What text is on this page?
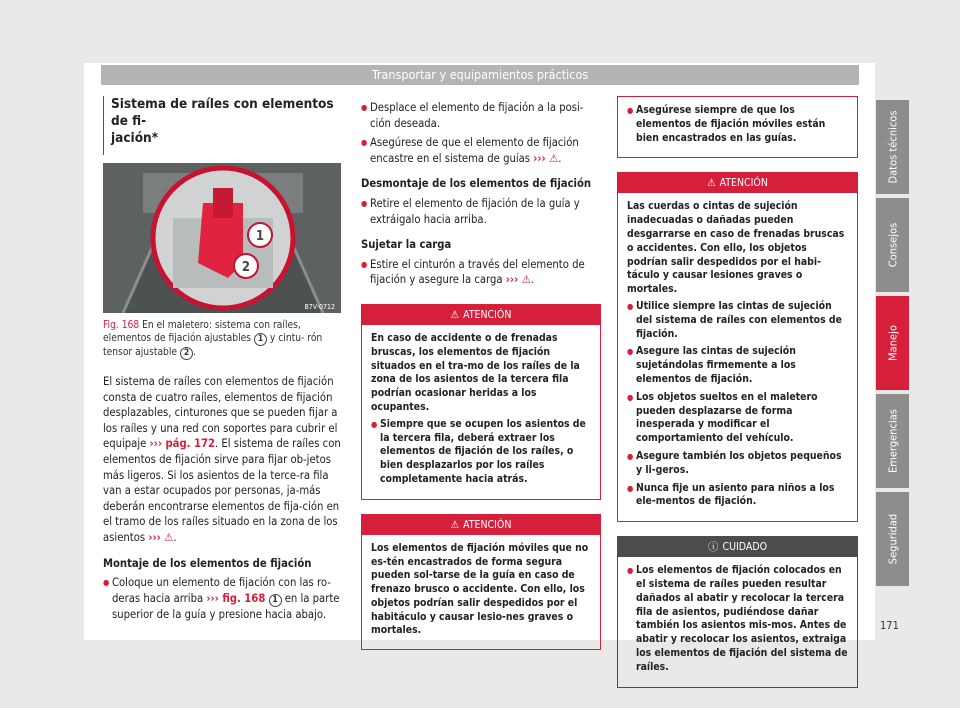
Transportar y equipamientos prácticos
Sistema de raíles con elementos de fi-
jación*
1
2
B7V-0712
Fig. 168 En el maletero: sistema con raíles, elementos de fijación ajustables 1 y cintu- rón tensor ajustable 2 .

El sistema de raíles con elementos de fijación consta de cuatro raíles, elementos de fijación desplazables, cinturones que se pueden fijar a los raíles y una red con soportes para cubrir el equipaje ››› pág. 172. El sistema de raíles con elementos de fijación sirve para fijar ob-jetos más ligeros. Si los asientos de la terce-ra fila van a estar ocupados por personas, ja-más deberán encontrarse elementos de fija-ción en el tramo de los raíles situado en la zona de los asientos ››› ⚠.

Montaje de los elementos de fijación
● Coloque un elemento de fijación con las ro-deras hacia arriba ››› fig. 168 1 en la parte superior de la guía y presione hacia abajo.
● Desplace el elemento de fijación a la posi-ción deseada.
● Asegúrese de que el elemento de fijación encastre en el sistema de guías ››› ⚠.
Desmontaje de los elementos de fijación
● Retire el elemento de fijación de la guía y extráigalo hacia arriba.
Sujetar la carga
● Estire el cinturón a través del elemento de fijación y asegure la carga ››› ⚠.
⚠ ATENCIÓN

En caso de accidente o de frenadas bruscas, los elementos de fijación situados en el tra-mo de los raíles de la zona de los asientos de la tercera fila podrían ocasionar heridas a los ocupantes.

● Siempre que se ocupen los asientos de la tercera fila, deberá extraer los elementos de fijación de los raíles, o bien desplazarlos por los raíles completamente hacia atrás.
⚠ ATENCIÓN

Los elementos de fijación móviles que no es-tén encastrados de forma segura pueden sol-tarse de la guía en caso de frenazo brusco o accidente. Con ello, los objetos podrían salir despedidos por el habitáculo y causar lesio-nes graves o mortales.

● Asegúrese siempre de que los elementos de fijación móviles están bien encastrados en las guías.
⚠ ATENCIÓN

Las cuerdas o cintas de sujeción inadecuadas o dañadas pueden desgarrarse en caso de frenadas bruscas o accidentes. Con ello, los objetos podrían salir despedidos por el habi-táculo y causar lesiones graves o mortales.

● Utilice siempre las cintas de sujeción del sistema de raíles con elementos de fijación.
● Asegure las cintas de sujeción sujetándolas firmemente a los elementos de fijación.
● Los objetos sueltos en el maletero pueden desplazarse de forma inesperada y modificar el comportamiento del vehículo.
● Asegure también los objetos pequeños y li-geros.
● Nunca fije un asiento para niños a los ele-mentos de fijación.
ⓘ CUIDADO
● Los elementos de fijación colocados en el sistema de raíles pueden resultar dañados al abatir y recolocar la tercera fila de asientos, pudiéndose dañar también los asientos mis-mos. Antes de abatir y recolocar los asientos, extraiga los elementos de fijación del sistema de raíles.
Datos técnicos
Consejos
Manejo
Emergencias
Seguridad
171
